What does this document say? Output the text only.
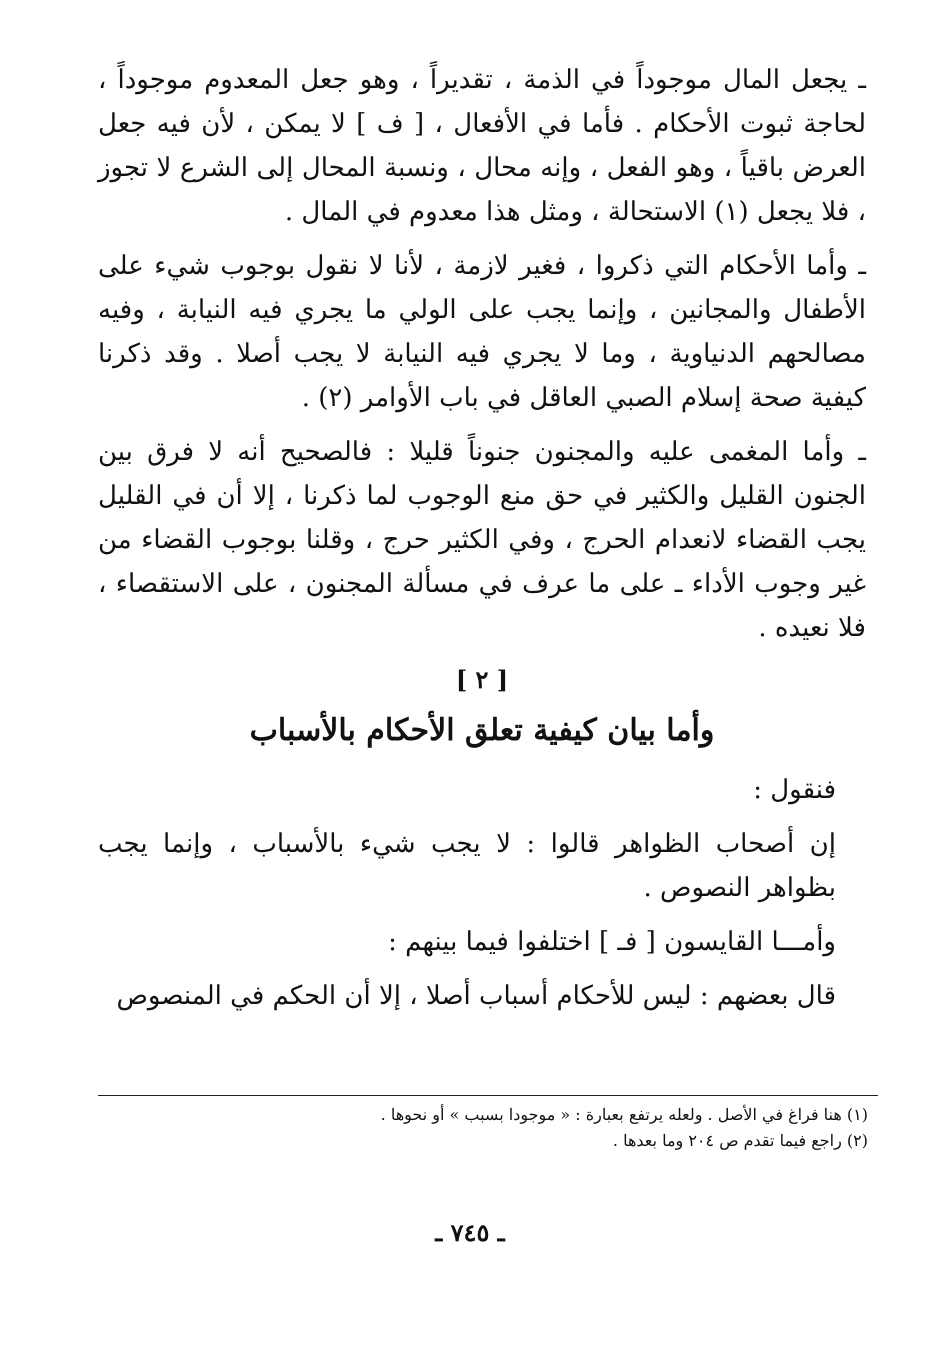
ـ يجعل المال موجوداً في الذمة ، تقديراً ، وهو جعل المعدوم موجوداً ، لحاجة ثبوت الأحكام . فأما في الأفعال ، [ ف ] لا يمكن ، لأن فيه جعل العرض باقياً ، وهو الفعل ، وإنه محال ، ونسبة المحال إلى الشرع لا تجوز ، فلا يجعل (١) الاستحالة ، ومثل هذا معدوم في المال .

ـ وأما الأحكام التي ذكروا ، فغير لازمة ، لأنا لا نقول بوجوب شيء على الأطفال والمجانين ، وإنما يجب على الولي ما يجري فيه النيابة ، وفيه مصالحهم الدنياوية ، وما لا يجري فيه النيابة لا يجب أصلا . وقد ذكرنا كيفية صحة إسلام الصبي العاقل في باب الأوامر (٢) .

ـ وأما المغمى عليه والمجنون جنوناً قليلا : فالصحيح أنه لا فرق بين الجنون القليل والكثير في حق منع الوجوب لما ذكرنا ، إلا أن في القليل يجب القضاء لانعدام الحرج ، وفي الكثير حرج ، وقلنا بوجوب القضاء من غير وجوب الأداء ـ على ما عرف في مسألة المجنون ، على الاستقصاء ، فلا نعيده .

[ ٢ ]
وأما بيان كيفية تعلق الأحكام بالأسباب

فنقول :

إن أصحاب الظواهر قالوا : لا يجب شيء بالأسباب ، وإنما يجب بظواهر النصوص .

وأمـــا القايسون [ فـ ] اختلفوا فيما بينهم :

قال بعضهم : ليس للأحكام أسباب أصلا ، إلا أن الحكم في المنصوص

(١) هنا فراغ في الأصل . ولعله يرتفع بعبارة : « موجودا بسبب » أو نحوها .

(٢) راجع فيما تقدم ص ٢٠٤ وما بعدها .

ـ ٧٤٥ ـ
